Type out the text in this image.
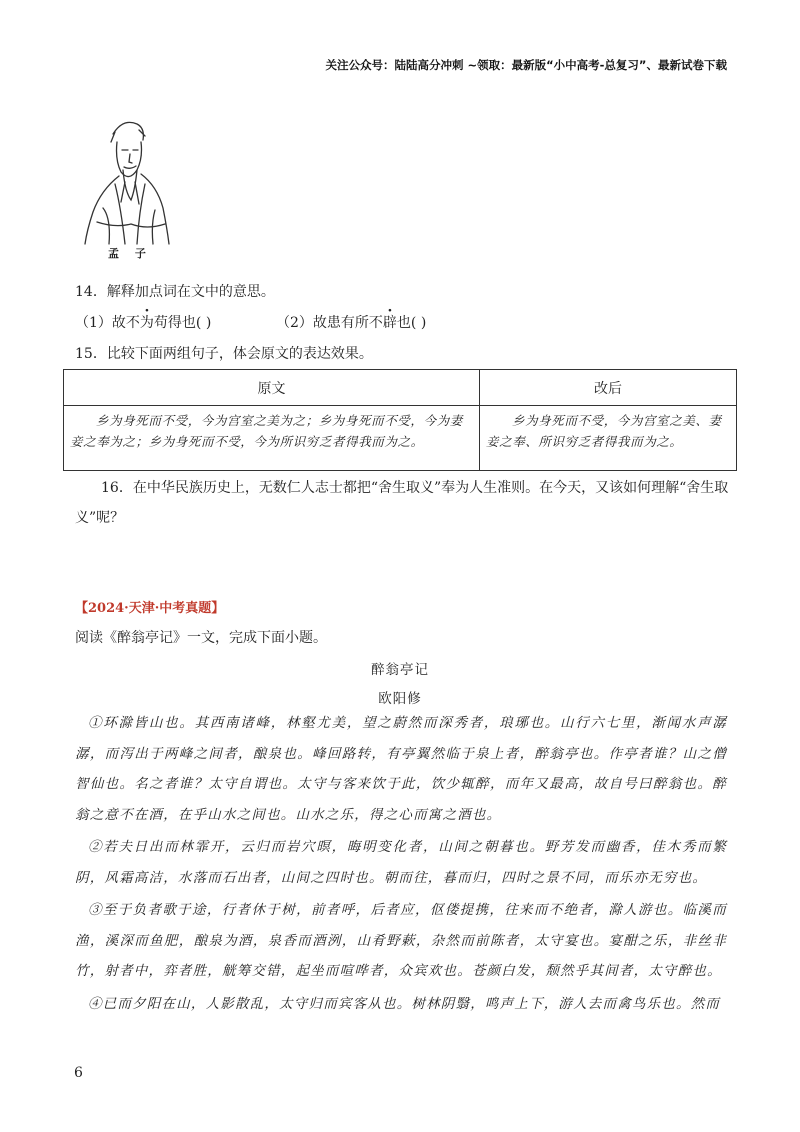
关注公众号：陆陆高分冲刺 ~领取：最新版“小中高考-总复习”、最新试卷下载
孟 子
14．解释加点词在文中的意思。
（1）故不为苟得也( )	（2）故患有所不辟也( )
15．比较下面两组句子，体会原文的表达效果。
原文	改后
乡为身死而不受，今为宫室之美为之；乡为身死而不受，今为妻妾之奉为之；乡为身死而不受，今为所识穷乏者得我而为之。	乡为身死而不受，今为宫室之美、妻妾之奉、所识穷乏者得我而为之。
16．在中华民族历史上，无数仁人志士都把“舍生取义”奉为人生准则。在今天，又该如何理解“舍生取
义”呢？
【2024·天津·中考真题】
阅读《醉翁亭记》一文，完成下面小题。
醉翁亭记
欧阳修

①环滁皆山也。其西南诸峰，林壑尤美，望之蔚然而深秀者，琅琊也。山行六七里，渐闻水声潺潺，而泻出于两峰之间者，酿泉也。峰回路转，有亭翼然临于泉上者，醉翁亭也。作亭者谁？山之僧智仙也。名之者谁？太守自谓也。太守与客来饮于此，饮少辄醉，而年又最高，故自号曰醉翁也。醉翁之意不在酒，在乎山水之间也。山水之乐，得之心而寓之酒也。

②若夫日出而林霏开，云归而岩穴暝，晦明变化者，山间之朝暮也。野芳发而幽香，佳木秀而繁阴，风霜高洁，水落而石出者，山间之四时也。朝而往，暮而归，四时之景不同，而乐亦无穷也。

③至于负者歌于途，行者休于树，前者呼，后者应，伛偻提携，往来而不绝者，滁人游也。临溪而渔，溪深而鱼肥，酿泉为酒，泉香而酒洌，山肴野蔌，杂然而前陈者，太守宴也。宴酣之乐，非丝非竹，射者中，弈者胜，觥筹交错，起坐而喧哗者，众宾欢也。苍颜白发，颓然乎其间者，太守醉也。

④已而夕阳在山，人影散乱，太守归而宾客从也。树林阴翳，鸣声上下，游人去而禽鸟乐也。然而

6
